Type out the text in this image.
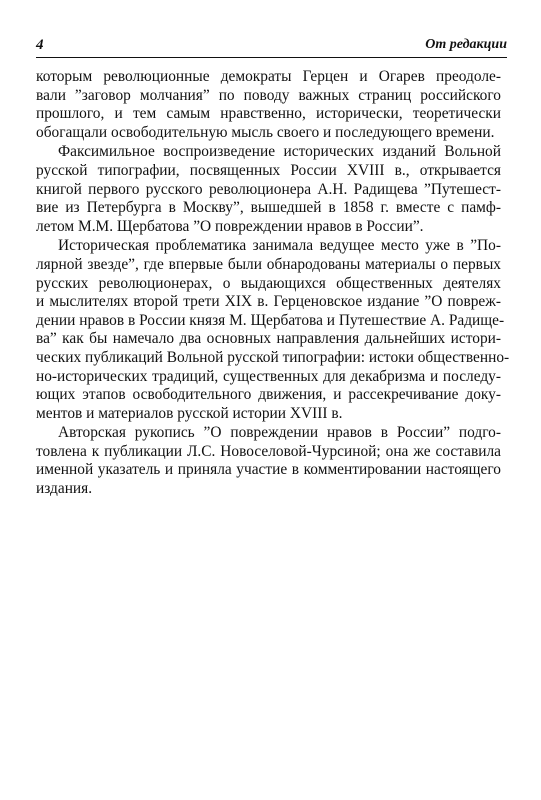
4	От редакции
которым революционные демократы Герцен и Огарев преодоле-
вали ”заговор молчания” по поводу важных страниц российского
прошлого, и тем самым нравственно, исторически, теоретически
обогащали освободительную мысль своего и последующего времени.
Факсимильное воспроизведение исторических изданий Вольной
русской типографии, посвященных России XVIII в., открывается
книгой первого русского революционера А.Н. Радищева ”Путешест-
вие из Петербурга в Москву”, вышедшей в 1858 г. вместе с памф-
летом М.М. Щербатова ”О повреждении нравов в России”.
Историческая проблематика занимала ведущее место уже в ”По-
лярной звезде”, где впервые были обнародованы материалы о первых
русских революционерах, о выдающихся общественных деятелях
и мыслителях второй трети XIX в. Герценовское издание ”О повреж-
дении нравов в России князя М. Щербатова и Путешествие А. Радище-
ва” как бы намечало два основных направления дальнейших истори-
ческих публикаций Вольной русской типографии: истоки общественно-
но-исторических традиций, существенных для декабризма и последу-
ющих этапов освободительного движения, и рассекречивание доку-
ментов и материалов русской истории XVIII в.
Авторская рукопись ”О повреждении нравов в России” подго-
товлена к публикации Л.С. Новоселовой-Чурсиной; она же составила
именной указатель и приняла участие в комментировании настоящего
издания.
